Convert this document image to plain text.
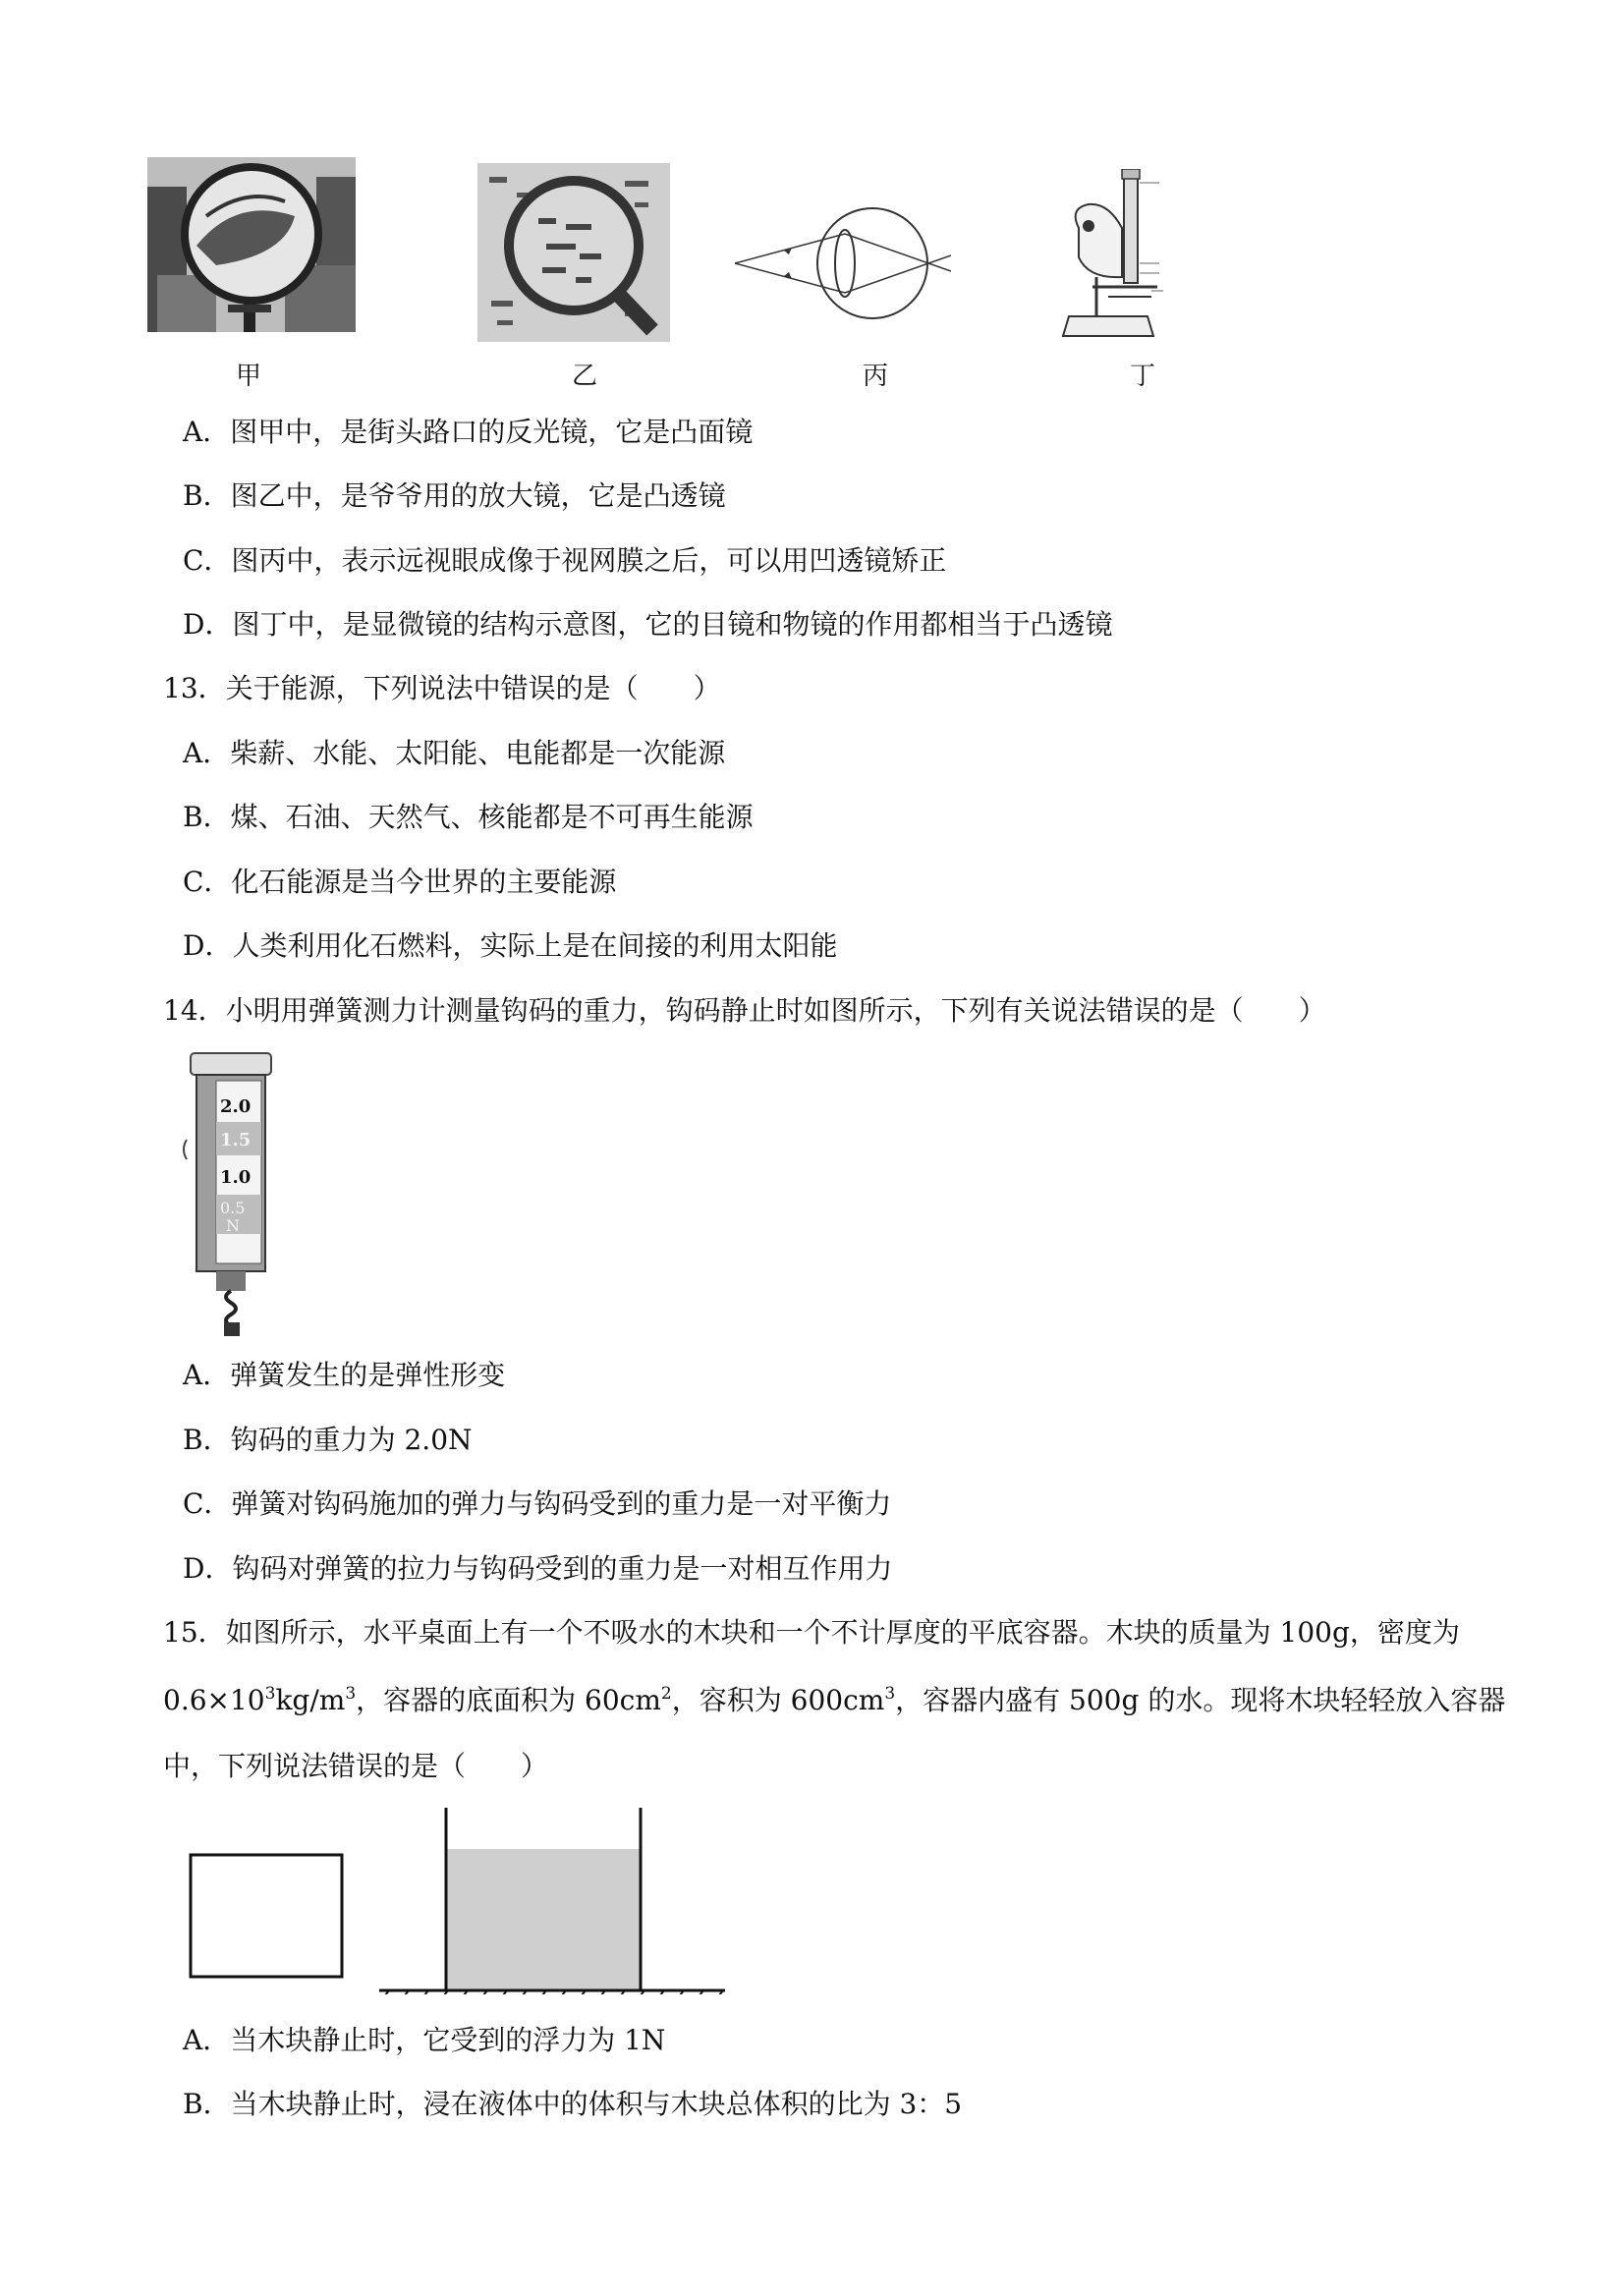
甲	乙	丙	丁
A．图甲中，是街头路口的反光镜，它是凸面镜
B．图乙中，是爷爷用的放大镜，它是凸透镜
C．图丙中，表示远视眼成像于视网膜之后，可以用凹透镜矫正
D．图丁中，是显微镜的结构示意图，它的目镜和物镜的作用都相当于凸透镜
13．关于能源，下列说法中错误的是（　　）
A．柴薪、水能、太阳能、电能都是一次能源
B．煤、石油、天然气、核能都是不可再生能源
C．化石能源是当今世界的主要能源
D．人类利用化石燃料，实际上是在间接的利用太阳能
14．小明用弹簧测力计测量钩码的重力，钩码静止时如图所示，下列有关说法错误的是（　　）
2.0
1.5
1.0
0.5
N
A．弹簧发生的是弹性形变
B．钩码的重力为 2.0N
C．弹簧对钩码施加的弹力与钩码受到的重力是一对平衡力
D．钩码对弹簧的拉力与钩码受到的重力是一对相互作用力
15．如图所示，水平桌面上有一个不吸水的木块和一个不计厚度的平底容器。木块的质量为 100g，密度为
$0.6\times 10^3kg/m^3$，容器的底面积为 $60cm^2$，容积为 $600cm^3$，容器内盛有 500g 的水。现将木块轻轻放入容器
中，下列说法错误的是（　　）
A．当木块静止时，它受到的浮力为 1N
B．当木块静止时，浸在液体中的体积与木块总体积的比为 3：5
